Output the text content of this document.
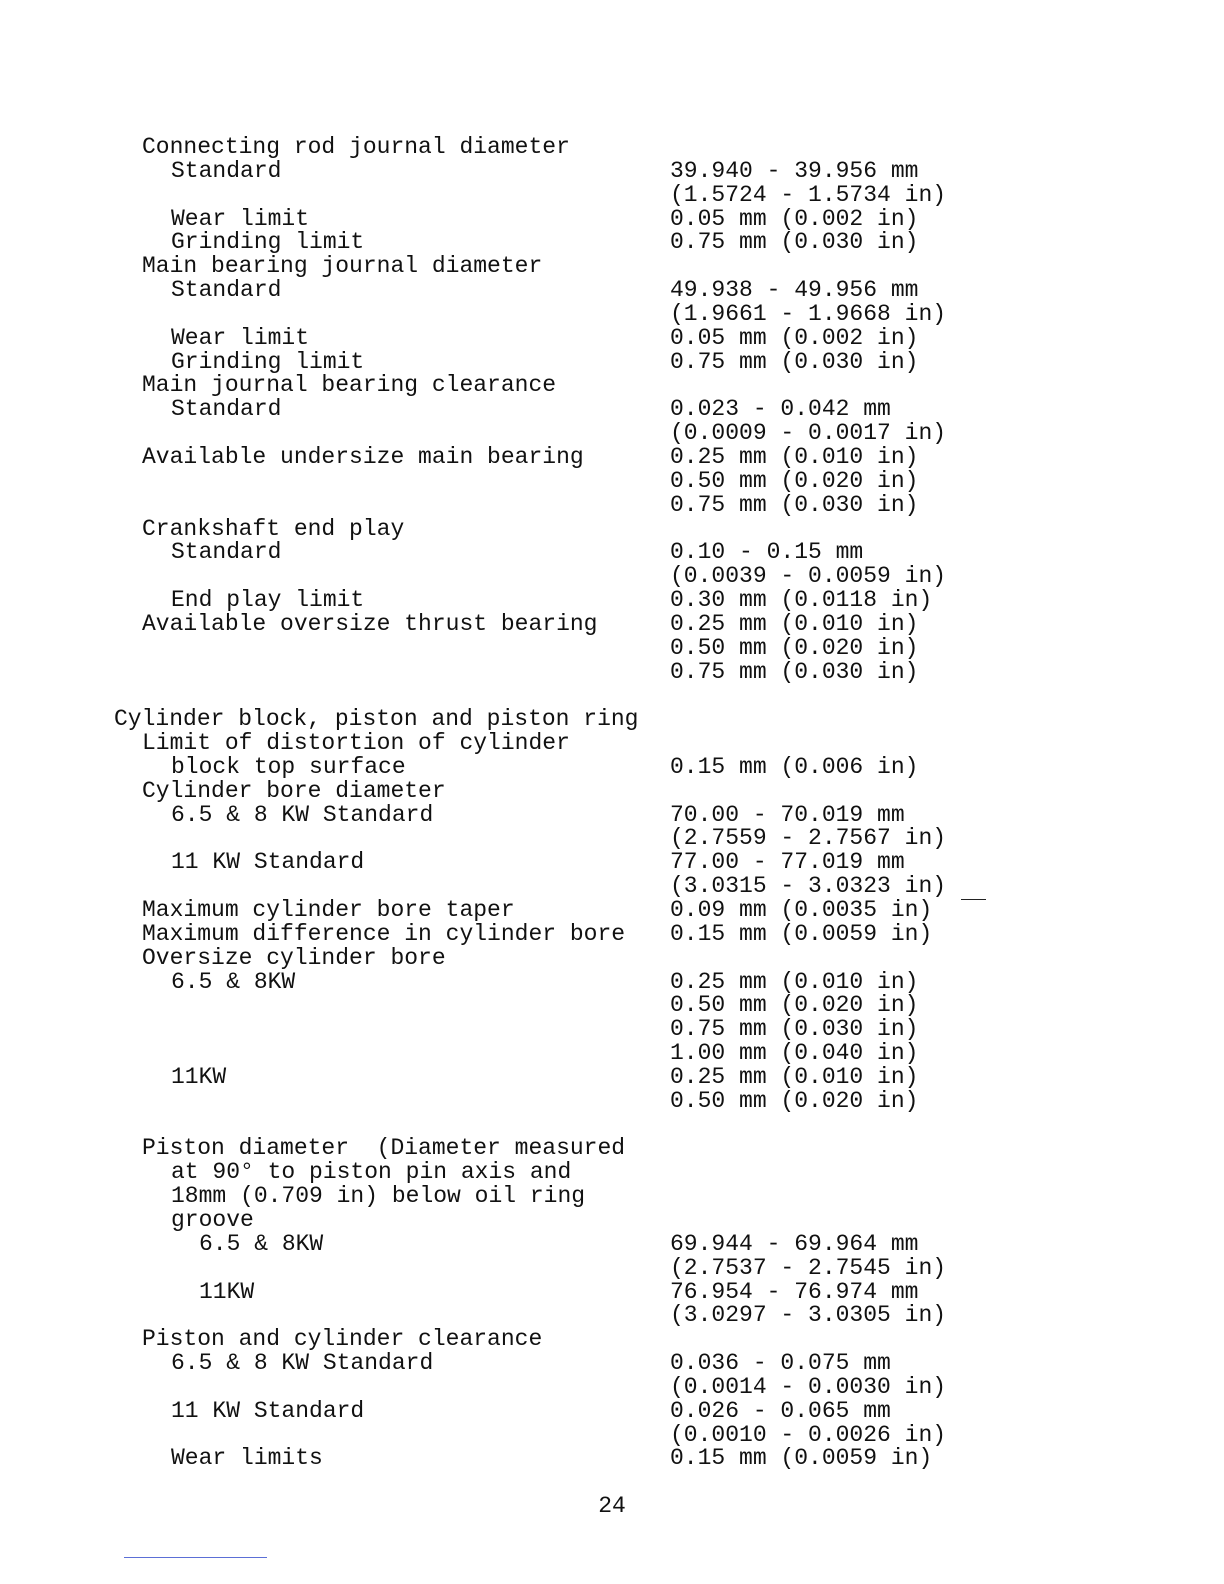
Connecting rod journal diameter
Standard	39.940 - 39.956 mm
(1.5724 - 1.5734 in)
Wear limit	0.05 mm (0.002 in)
Grinding limit	0.75 mm (0.030 in)
Main bearing journal diameter
Standard	49.938 - 49.956 mm
(1.9661 - 1.9668 in)
Wear limit	0.05 mm (0.002 in)
Grinding limit	0.75 mm (0.030 in)
Main journal bearing clearance
Standard	0.023 - 0.042 mm
(0.0009 - 0.0017 in)
Available undersize main bearing	0.25 mm (0.010 in)
0.50 mm (0.020 in)
0.75 mm (0.030 in)
Crankshaft end play
Standard	0.10 - 0.15 mm
(0.0039 - 0.0059 in)
End play limit	0.30 mm (0.0118 in)
Available oversize thrust bearing	0.25 mm (0.010 in)
0.50 mm (0.020 in)
0.75 mm (0.030 in)
Cylinder block, piston and piston ring
Limit of distortion of cylinder
block top surface	0.15 mm (0.006 in)
Cylinder bore diameter
6.5 & 8 KW Standard	70.00 - 70.019 mm
(2.7559 - 2.7567 in)
11 KW Standard	77.00 - 77.019 mm
(3.0315 - 3.0323 in)
Maximum cylinder bore taper	0.09 mm (0.0035 in)
Maximum difference in cylinder bore 0.15 mm (0.0059 in)
Oversize cylinder bore
6.5 & 8KW	0.25 mm (0.010 in)
0.50 mm (0.020 in)
0.75 mm (0.030 in)
1.00 mm (0.040 in)
11KW	0.25 mm (0.010 in)
0.50 mm (0.020 in)
Piston diameter  (Diameter measured
at 90° to piston pin axis and
18mm (0.709 in) below oil ring
groove
6.5 & 8KW	69.944 - 69.964 mm
(2.7537 - 2.7545 in)
11KW	76.954 - 76.974 mm
(3.0297 - 3.0305 in)
Piston and cylinder clearance
6.5 & 8 KW Standard	0.036 - 0.075 mm
(0.0014 - 0.0030 in)
11 KW Standard	0.026 - 0.065 mm
(0.0010 - 0.0026 in)
Wear limits	0.15 mm (0.0059 in)
24
